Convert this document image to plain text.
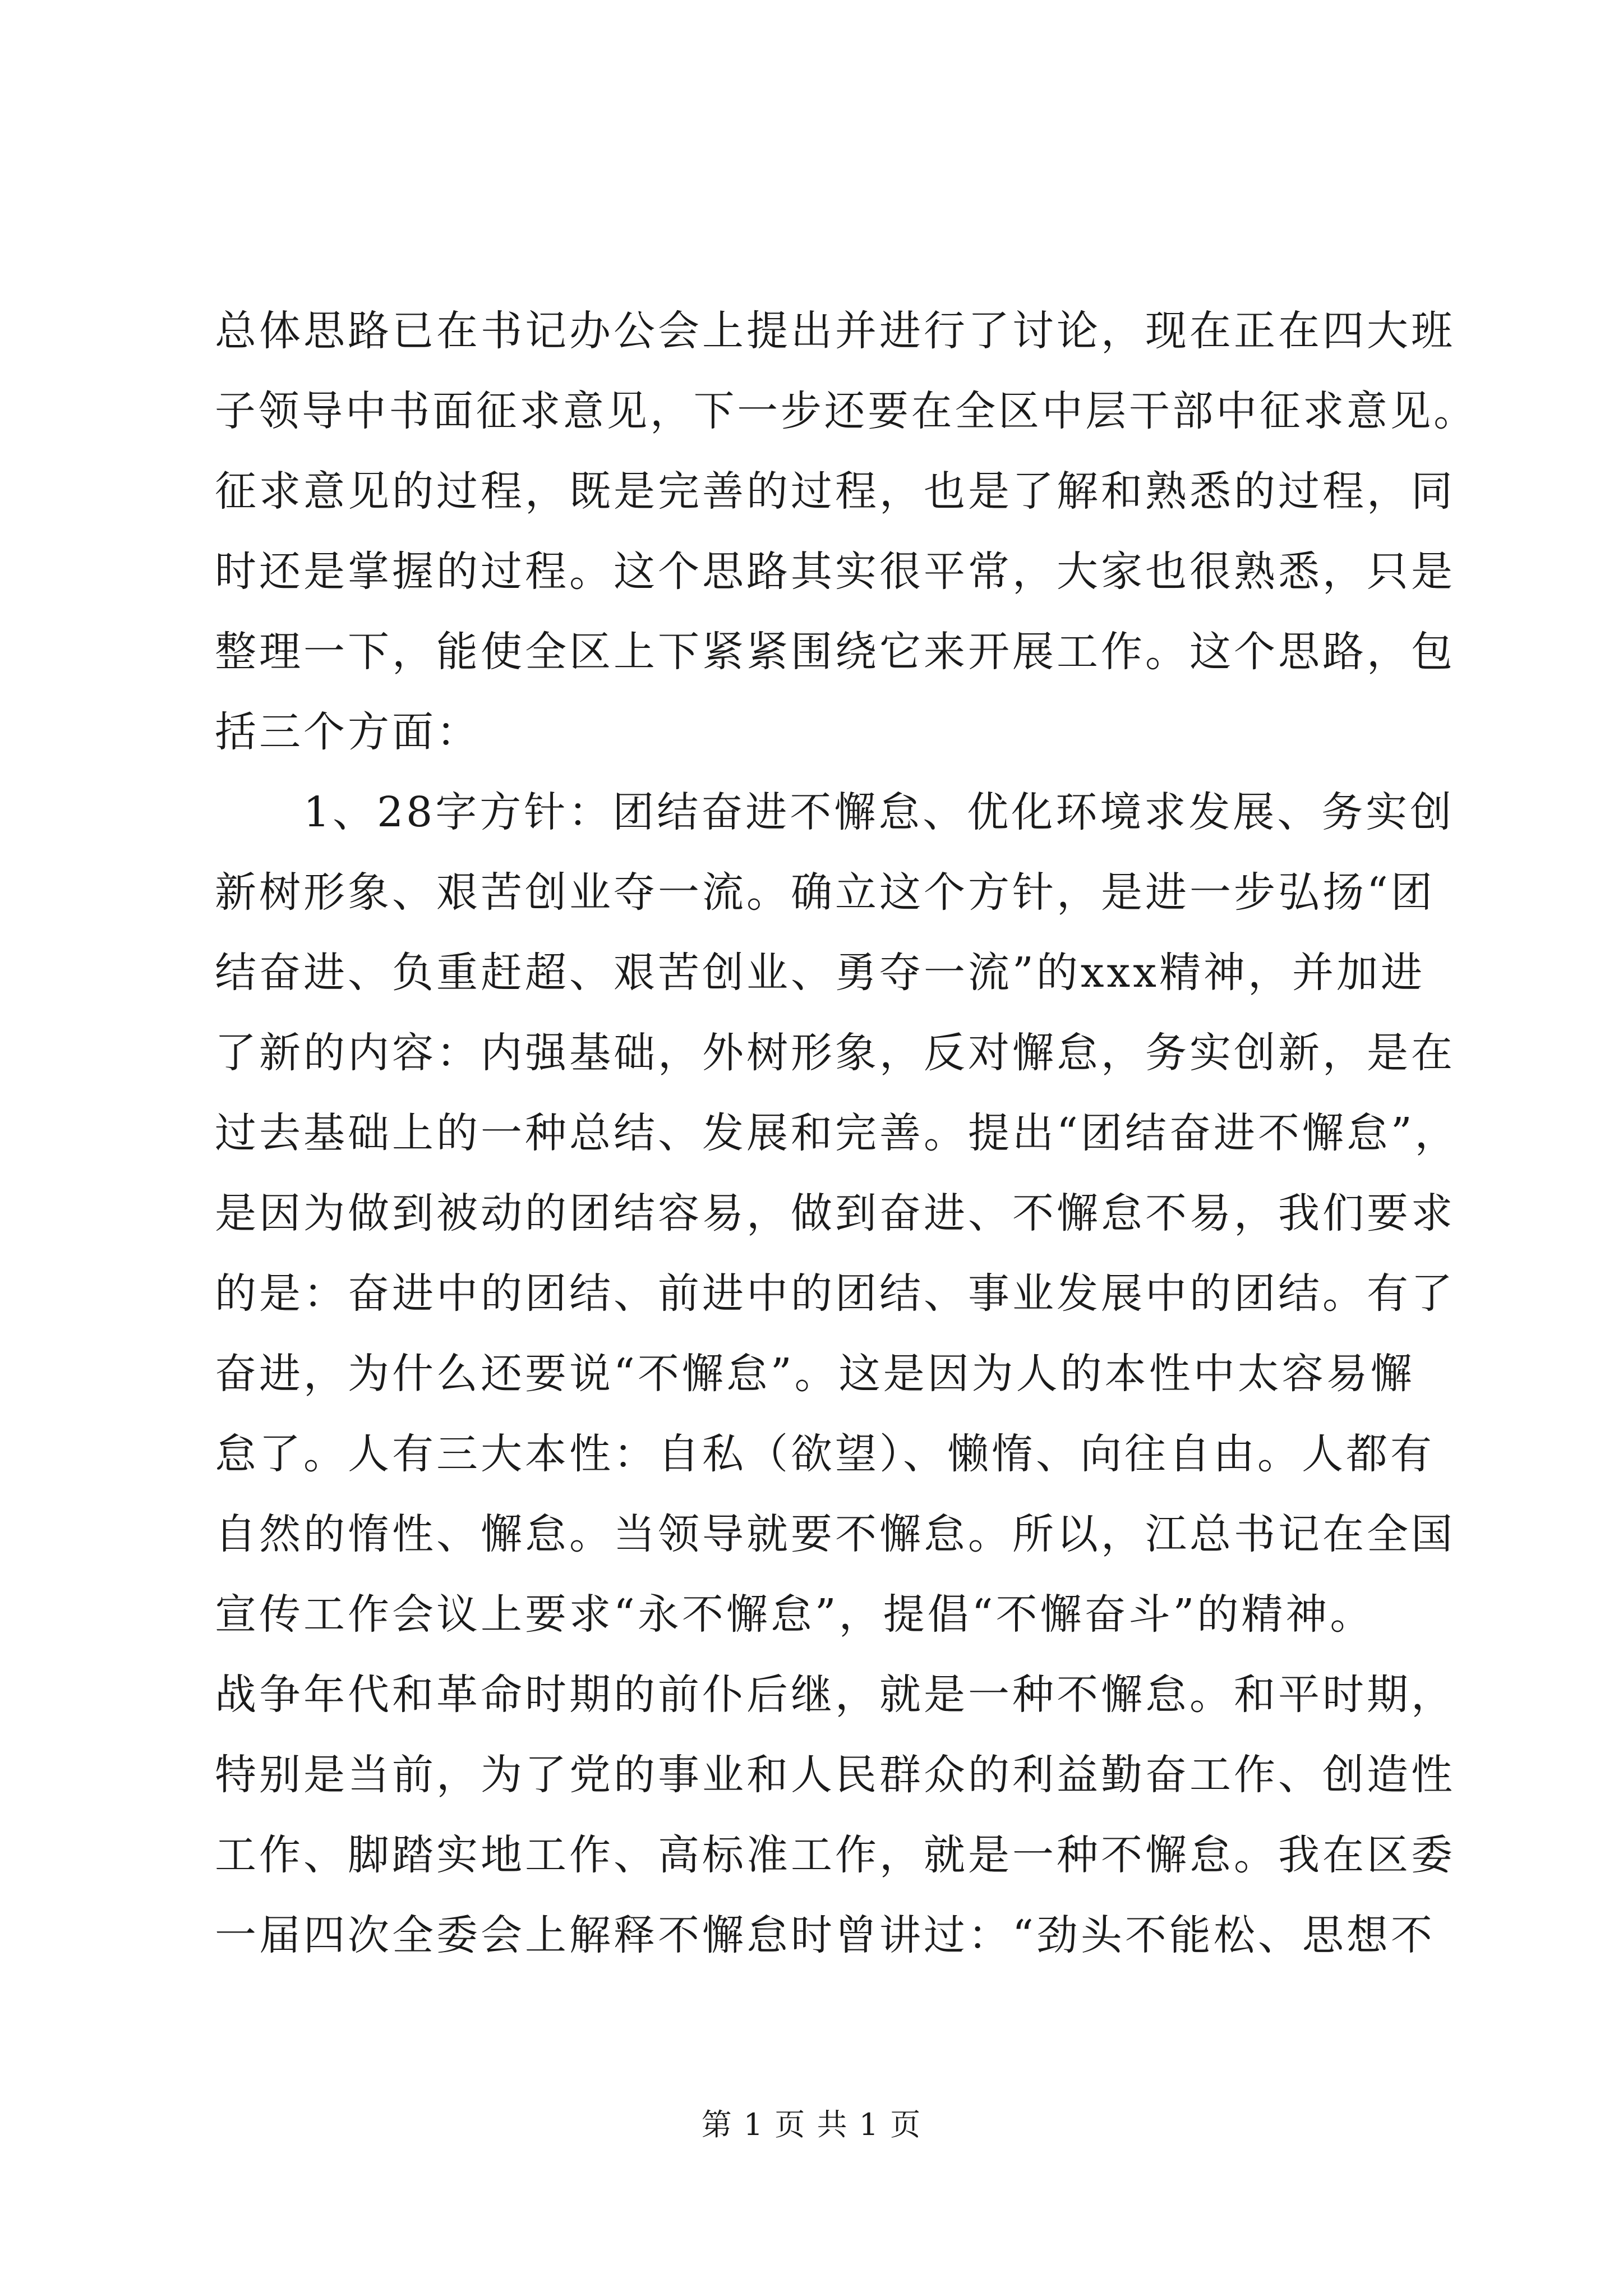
总体思路已在书记办公会上提出并进行了讨论，现在正在四大班
子领导中书面征求意见，下一步还要在全区中层干部中征求意见。
征求意见的过程，既是完善的过程，也是了解和熟悉的过程，同
时还是掌握的过程。这个思路其实很平常，大家也很熟悉，只是
整理一下，能使全区上下紧紧围绕它来开展工作。这个思路，包
括三个方面：
　　1、28字方针：团结奋进不懈怠、优化环境求发展、务实创
新树形象、艰苦创业夺一流。确立这个方针，是进一步弘扬“团
结奋进、负重赶超、艰苦创业、勇夺一流”的xxx精神，并加进
了新的内容：内强基础，外树形象，反对懈怠，务实创新，是在
过去基础上的一种总结、发展和完善。提出“团结奋进不懈怠”，
是因为做到被动的团结容易，做到奋进、不懈怠不易，我们要求
的是：奋进中的团结、前进中的团结、事业发展中的团结。有了
奋进，为什么还要说“不懈怠”。这是因为人的本性中太容易懈
怠了。人有三大本性：自私（欲望）、懒惰、向往自由。人都有
自然的惰性、懈怠。当领导就要不懈怠。所以，江总书记在全国
宣传工作会议上要求“永不懈怠”，提倡“不懈奋斗”的精神。
战争年代和革命时期的前仆后继，就是一种不懈怠。和平时期，
特别是当前，为了党的事业和人民群众的利益勤奋工作、创造性
工作、脚踏实地工作、高标准工作，就是一种不懈怠。我在区委
一届四次全委会上解释不懈怠时曾讲过：“劲头不能松、思想不
第 1 页 共 1 页
